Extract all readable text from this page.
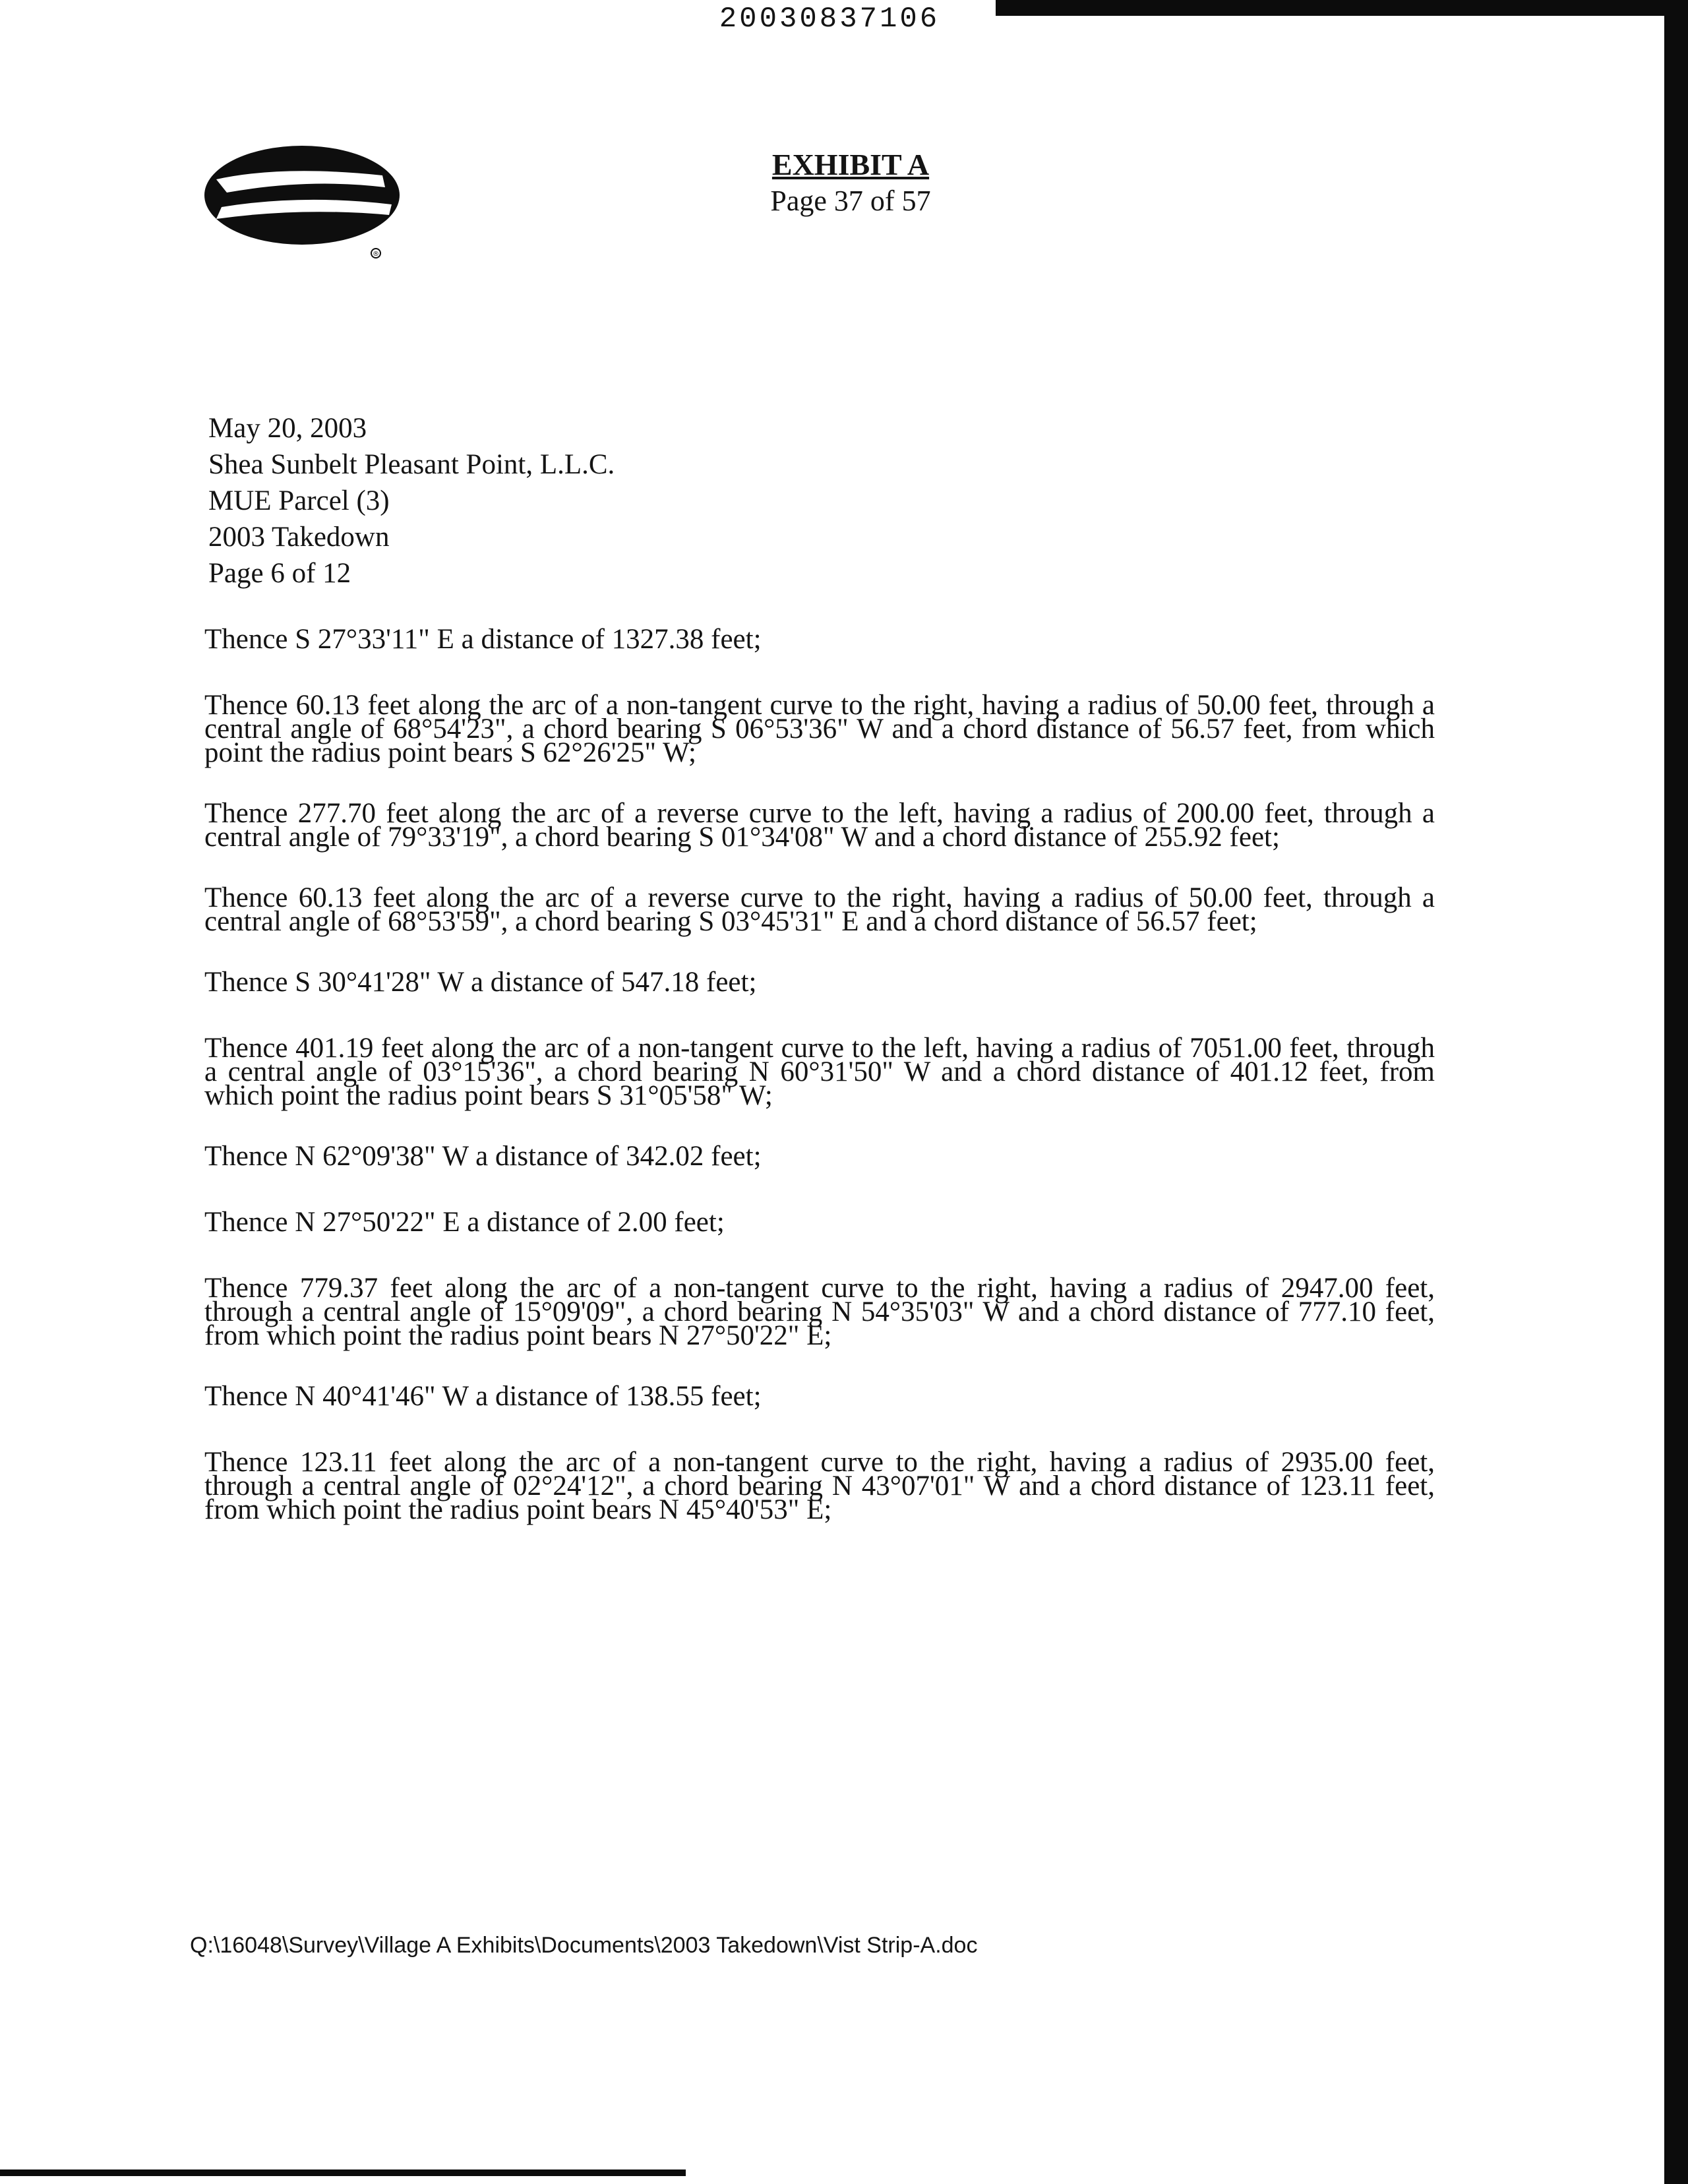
20030837106
®
EXHIBIT A
Page 37 of 57
May 20, 2003
Shea Sunbelt Pleasant Point, L.L.C.
MUE Parcel (3)
2003 Takedown
Page 6 of 12

Thence S 27°33'11" E a distance of 1327.38 feet;

Thence 60.13 feet along the arc of a non-tangent curve to the right, having a radius of 50.00 feet, through a central angle of 68°54'23", a chord bearing S 06°53'36" W and a chord distance of 56.57 feet, from which point the radius point bears S 62°26'25" W;

Thence 277.70 feet along the arc of a reverse curve to the left, having a radius of 200.00 feet, through a central angle of 79°33'19", a chord bearing S 01°34'08" W and a chord distance of 255.92 feet;

Thence 60.13 feet along the arc of a reverse curve to the right, having a radius of 50.00 feet, through a central angle of 68°53'59", a chord bearing S 03°45'31" E and a chord distance of 56.57 feet;

Thence S 30°41'28" W a distance of 547.18 feet;

Thence 401.19 feet along the arc of a non-tangent curve to the left, having a radius of 7051.00 feet, through a central angle of 03°15'36", a chord bearing N 60°31'50" W and a chord distance of 401.12 feet, from which point the radius point bears S 31°05'58" W;

Thence N 62°09'38" W a distance of 342.02 feet;

Thence N 27°50'22" E a distance of 2.00 feet;

Thence 779.37 feet along the arc of a non-tangent curve to the right, having a radius of 2947.00 feet, through a central angle of 15°09'09", a chord bearing N 54°35'03" W and a chord distance of 777.10 feet, from which point the radius point bears N 27°50'22" E;

Thence N 40°41'46" W a distance of 138.55 feet;

Thence 123.11 feet along the arc of a non-tangent curve to the right, having a radius of 2935.00 feet, through a central angle of 02°24'12", a chord bearing N 43°07'01" W and a chord distance of 123.11 feet, from which point the radius point bears N 45°40'53" E;

Q:\16048\Survey\Village A Exhibits\Documents\2003 Takedown\Vist Strip-A.doc
